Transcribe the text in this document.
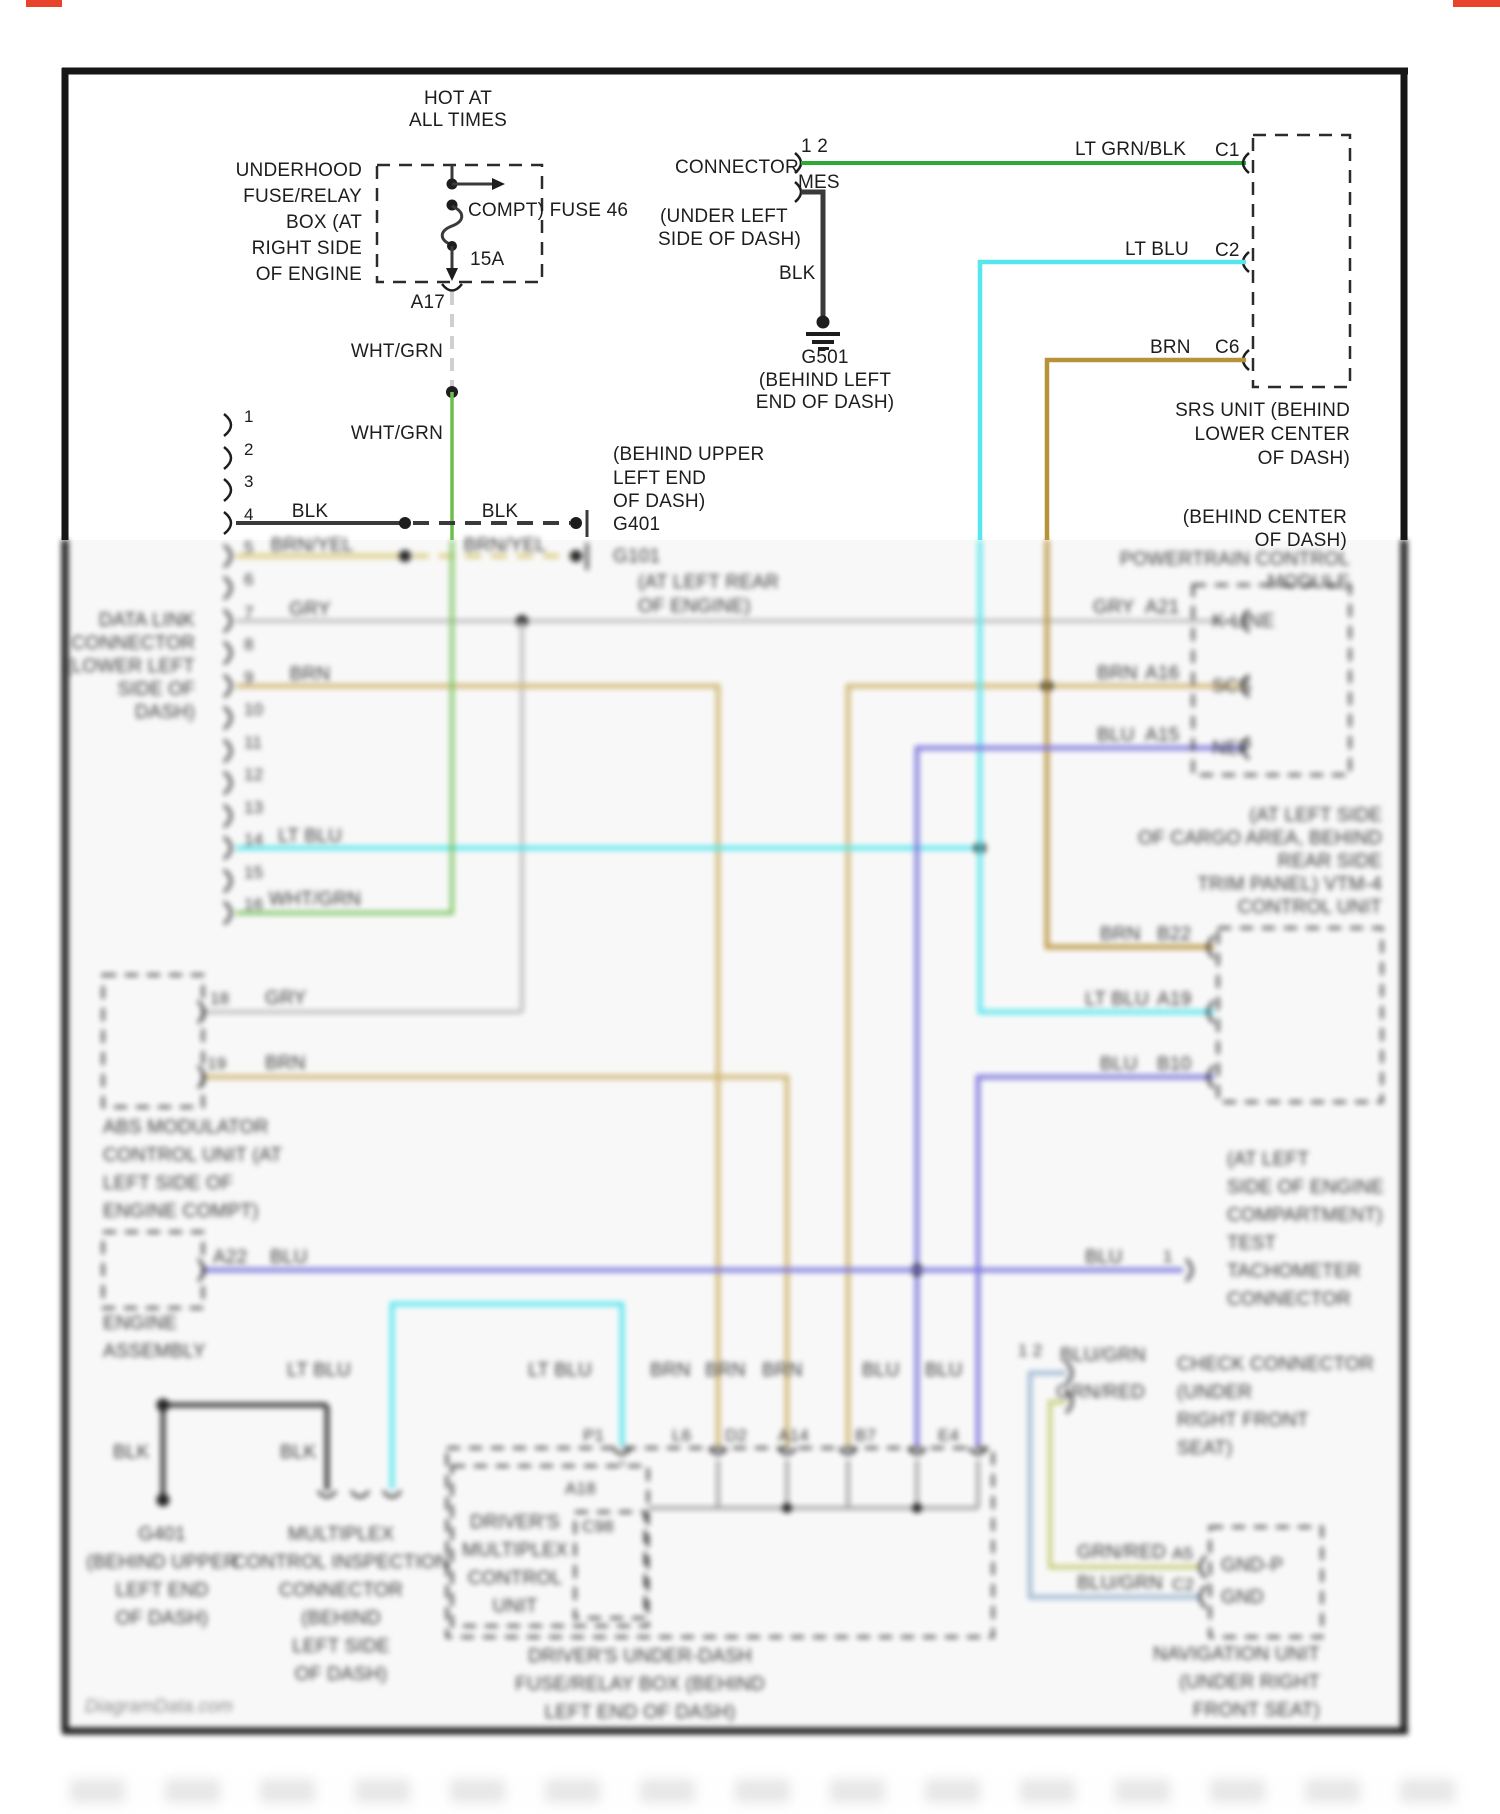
HOT AT
ALL TIMES
UNDERHOOD
FUSE/RELAY
BOX (AT
RIGHT SIDE
OF ENGINE
COMPT) FUSE 46
15A
A17
WHT/GRN
WHT/GRN
CONNECTOR
1 2
MES
(UNDER LEFT
SIDE OF DASH)
BLK
G501
(BEHIND LEFT
END OF DASH)
LT GRN/BLK C1
LT BLU C2
BRN C6
SRS UNIT (BEHIND
LOWER CENTER
OF DASH)
(BEHIND CENTER
OF DASH)
(BEHIND UPPER
LEFT END
OF DASH)
G401
1
2
3
4 BLK	BLK
5
6
7
8
9
10
11
12
13
14
15
16
BRN/YEL	BRN/YEL
G101
(AT LEFT REAR
OF ENGINE)
DATA LINK
CONNECTOR
(LOWER LEFT
SIDE OF
DASH)
GRY	GRY A21
BRN	BRN A16
BLU A15
LT BLU
WHT/GRN
POWERTRAIN CONTROL
MODULE
K-LINE
SCS
NEP
(AT LEFT SIDE
OF CARGO AREA, BEHIND
REAR SIDE
TRIM PANEL) VTM-4
CONTROL UNIT
BRN B22
LT BLU A19
BLU B10
18 GRY
19 BRN
ABS MODULATOR
CONTROL UNIT (AT
LEFT SIDE OF
ENGINE COMPT)
A22 BLU
ENGINE
ASSEMBLY
BLU 1
(AT LEFT
SIDE OF ENGINE
COMPARTMENT)
TEST
TACHOMETER
CONNECTOR
1 2 BLU/GRN
GRN/RED
CHECK CONNECTOR
(UNDER
RIGHT FRONT
SEAT)
GRN/RED A5
BLU/GRN C2
GND-P
GND
NAVIGATION UNIT
(UNDER RIGHT
FRONT SEAT)
BLK	BLK
G401
(BEHIND UPPER
LEFT END
OF DASH)
MULTIPLEX
CONTROL INSPECTION
CONNECTOR
(BEHIND
LEFT SIDE
OF DASH)
LT BLU	LT BLU	BRN BRN BRN	BLU BLU
P1	L6 D2 A14	B7	E4
DRIVER'S
MULTIPLEX
CONTROL
UNIT
A18
C98
DRIVER'S UNDER-DASH
FUSE/RELAY BOX (BEHIND
LEFT END OF DASH)
DiagramData.com
